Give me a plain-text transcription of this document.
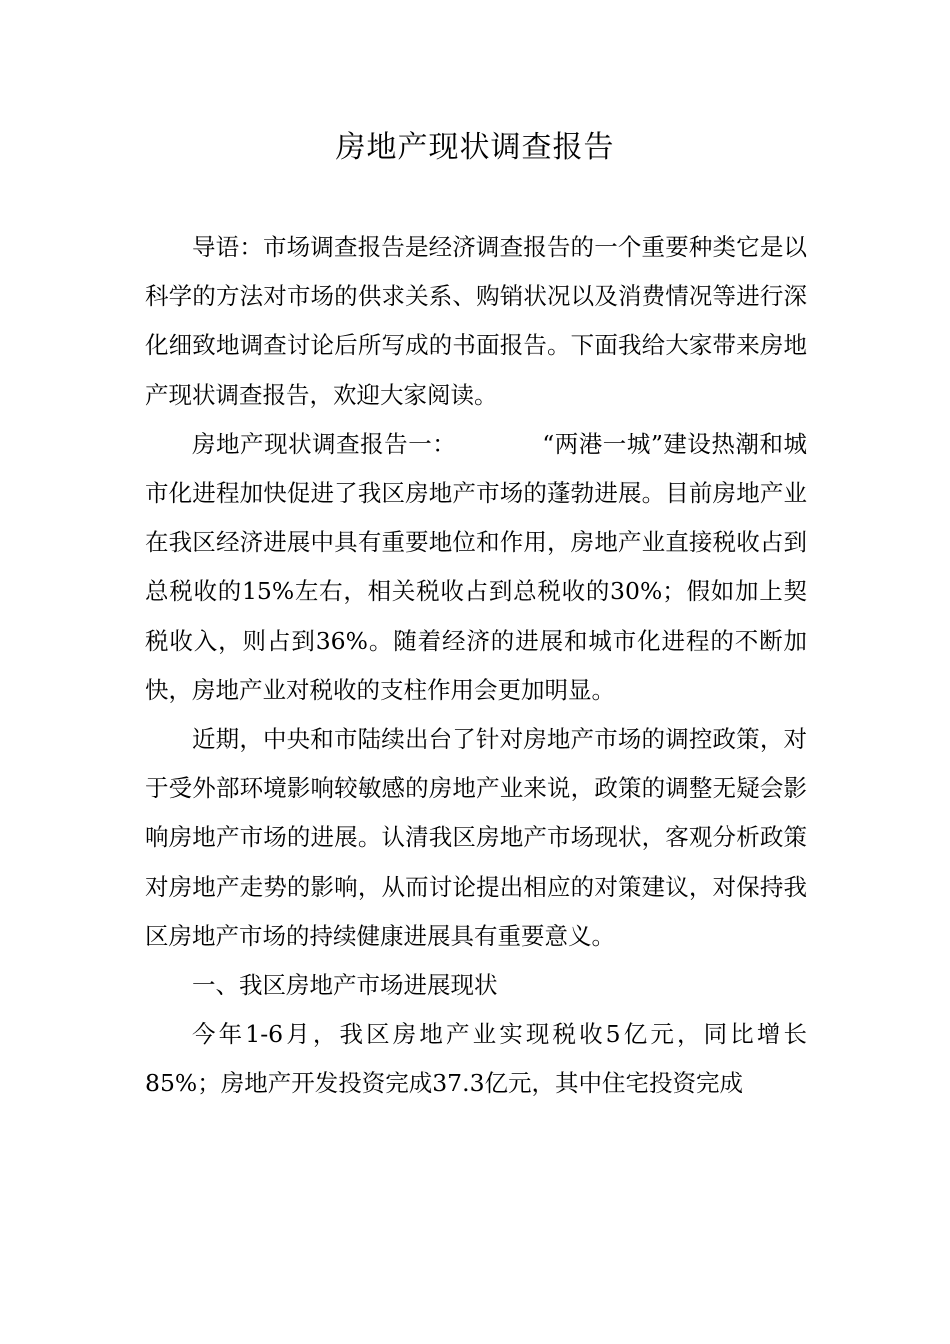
房地产现状调查报告

导语：市场调查报告是经济调查报告的一个重要种类它是以科学的方法对市场的供求关系、购销状况以及消费情况等进行深化细致地调查讨论后所写成的书面报告。下面我给大家带来房地产现状调查报告，欢迎大家阅读。

房地产现状调查报告一：	“两港一城”建设热潮和城市化进程加快促进了我区房地产市场的蓬勃进展。目前房地产业在我区经济进展中具有重要地位和作用，房地产业直接税收占到总税收的15%左右，相关税收占到总税收的30%；假如加上契税收入，则占到36%。随着经济的进展和城市化进程的不断加快，房地产业对税收的支柱作用会更加明显。

近期，中央和市陆续出台了针对房地产市场的调控政策，对于受外部环境影响较敏感的房地产业来说，政策的调整无疑会影响房地产市场的进展。认清我区房地产市场现状，客观分析政策对房地产走势的影响，从而讨论提出相应的对策建议，对保持我区房地产市场的持续健康进展具有重要意义。

一、我区房地产市场进展现状

今年1-6月，我区房地产业实现税收5亿元，同比增长85%；房地产开发投资完成37.3亿元，其中住宅投资完成
